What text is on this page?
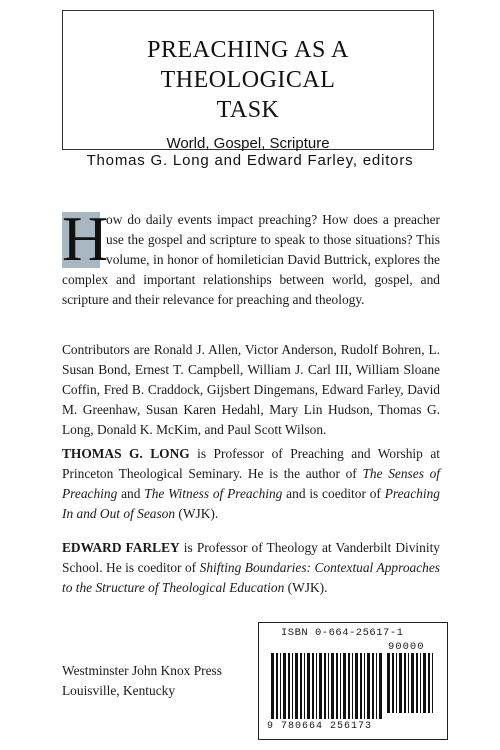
PREACHING AS A
THEOLOGICAL
TASK
World, Gospel, Scripture
Thomas G. Long and Edward Farley, editors
H
ow do daily events impact preaching? How does a preacher use the gospel and scripture to speak to those situations? This volume, in honor of homiletician David Buttrick, explores the complex and important relationships between world, gospel, and scripture and their relevance for preaching and theology.
Contributors are Ronald J. Allen, Victor Anderson, Rudolf Bohren, L. Susan Bond, Ernest T. Campbell, William J. Carl III, William Sloane Coffin, Fred B. Craddock, Gijsbert Dingemans, Edward Farley, David M. Greenhaw, Susan Karen Hedahl, Mary Lin Hudson, Thomas G. Long, Donald K. McKim, and Paul Scott Wilson.
THOMAS G. LONG is Professor of Preaching and Worship at Princeton Theological Seminary. He is the author of The Senses of Preaching and The Witness of Preaching and is coeditor of Preaching In and Out of Season (WJK).
EDWARD FARLEY is Professor of Theology at Vanderbilt Divinity School. He is coeditor of Shifting Boundaries: Contextual Approaches to the Structure of Theological Education (WJK).
Westminster John Knox Press
Louisville, Kentucky
ISBN 0-664-25617-1
90000
9 780664 256173
